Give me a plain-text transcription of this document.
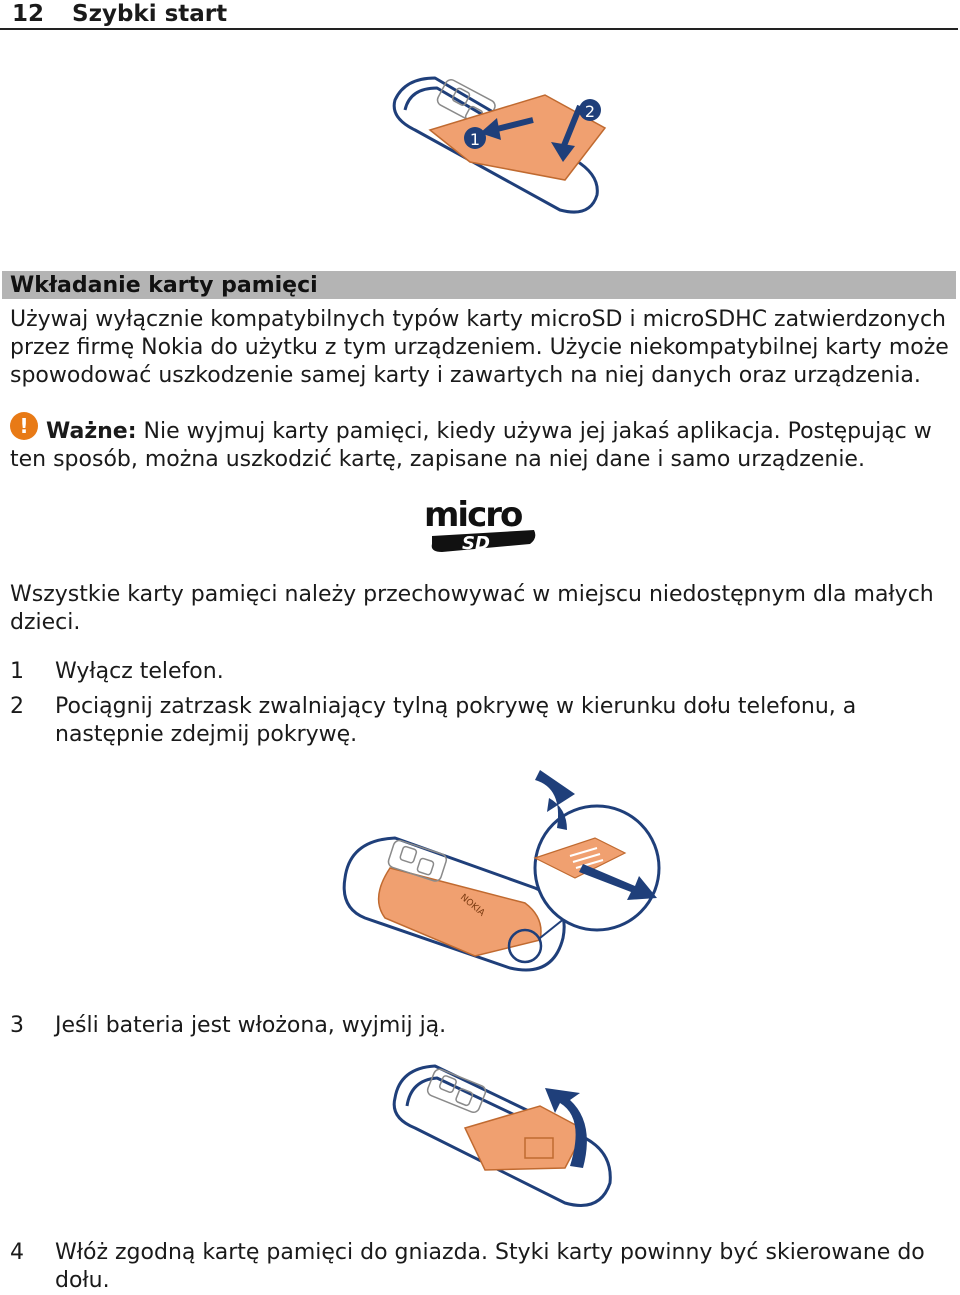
12 Szybki start
1
2
Wkładanie karty pamięci

Używaj wyłącznie kompatybilnych typów karty microSD i microSDHC zatwierdzonych przez firmę Nokia do użytku z tym urządzeniem. Użycie niekompatybilnej karty może spowodować uszkodzenie samej karty i zawartych na niej danych oraz urządzenia.

! Ważne: Nie wyjmuj karty pamięci, kiedy używa jej jakaś aplikacja. Postępując w ten sposób, można uszkodzić kartę, zapisane na niej dane i samo urządzenie.

micro
SD

Wszystkie karty pamięci należy przechowywać w miejscu niedostępnym dla małych dzieci.

1 Wyłącz telefon.

2 Pociągnij zatrzask zwalniający tylną pokrywę w kierunku dołu telefonu, a następnie zdejmij pokrywę.

NOKIA
3 Jeśli bateria jest włożona, wyjmij ją.

4 Włóż zgodną kartę pamięci do gniazda. Styki karty powinny być skierowane do dołu.
